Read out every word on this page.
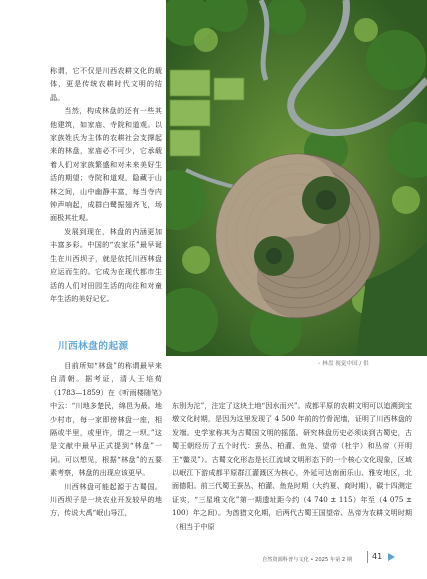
称谓，它不仅是川西农耕文化的载体，更是传统农耕时代文明的结晶。

当然，构成林盘的还有一些其他建筑，如家庙、寺院和道观。以家族姓氏为主体的农耕社会支撑起来的林盘，家庙必不可少，它承载着人们对家族繁盛和对未来美好生活的期望；寺院和道观，隐藏于山林之间，山中幽静丰富，每当寺内钟声响起，成群白鹭振翅齐飞，场面极其壮观。

发展到现在，林盘的内涵更加丰富多彩。中国的“农家乐”最早诞生在川西坝子，就是依托川西林盘应运而生的。它成为在现代都市生活的人们对田园生活的向往和对童年生活的美好记忆。

川西林盘的起源

目前所知“林盘”的称谓最早来自清朝。据考证，清人王培荀（1783—1859）在《听雨楼随笔》中云：“川地多楚民，绵邑为最。地少村市，每一家即傍林盘一座，相隔或半里，或里许，谓之一坝。”这是文献中最早正式提到“林盘”一词。可以想见，根据“林盘”的五要素考察，林盘的出现应该更早。

川西林盘可能起源于古蜀国。川西坝子是一块农业开发较早的地方，传说大禹“岷山导江，

› 林盘 视觉中国 / 供

东别为沱”，注定了这块土地“因水而兴”。成都平原的农耕文明可以追溯到宝墩文化时期，是因为这里发现了 4 500 年前的竹骨泥墙，证明了川西林盘的发端。史学家称其为古蜀国文明的摇篮。研究林盘历史必须谈到古蜀史，古蜀王朝经历了五个时代：蚕丛、柏灌、鱼凫、望帝（杜宇）和丛帝（开明王“鳖灵”）。古蜀文化形态是长江流域文明形态下的一个核心文化现象，区域以岷江下游成都平原群江灌溉区为核心，外延可达南面乐山、雅安地区，北面德阳。前三代蜀王蚕丛、柏灌、鱼凫时期（大约夏、商时期），碳十四测定证实，“三星堆文化”第一期遗址距今约（4 740 ± 115）年至（4 075 ± 100）年之间）。为酋猎文化期，后两代古蜀王国望帝、丛帝为农耕文明时期（相当于中原

自然资源科普与文化 • 2025 年第 2 期 41
